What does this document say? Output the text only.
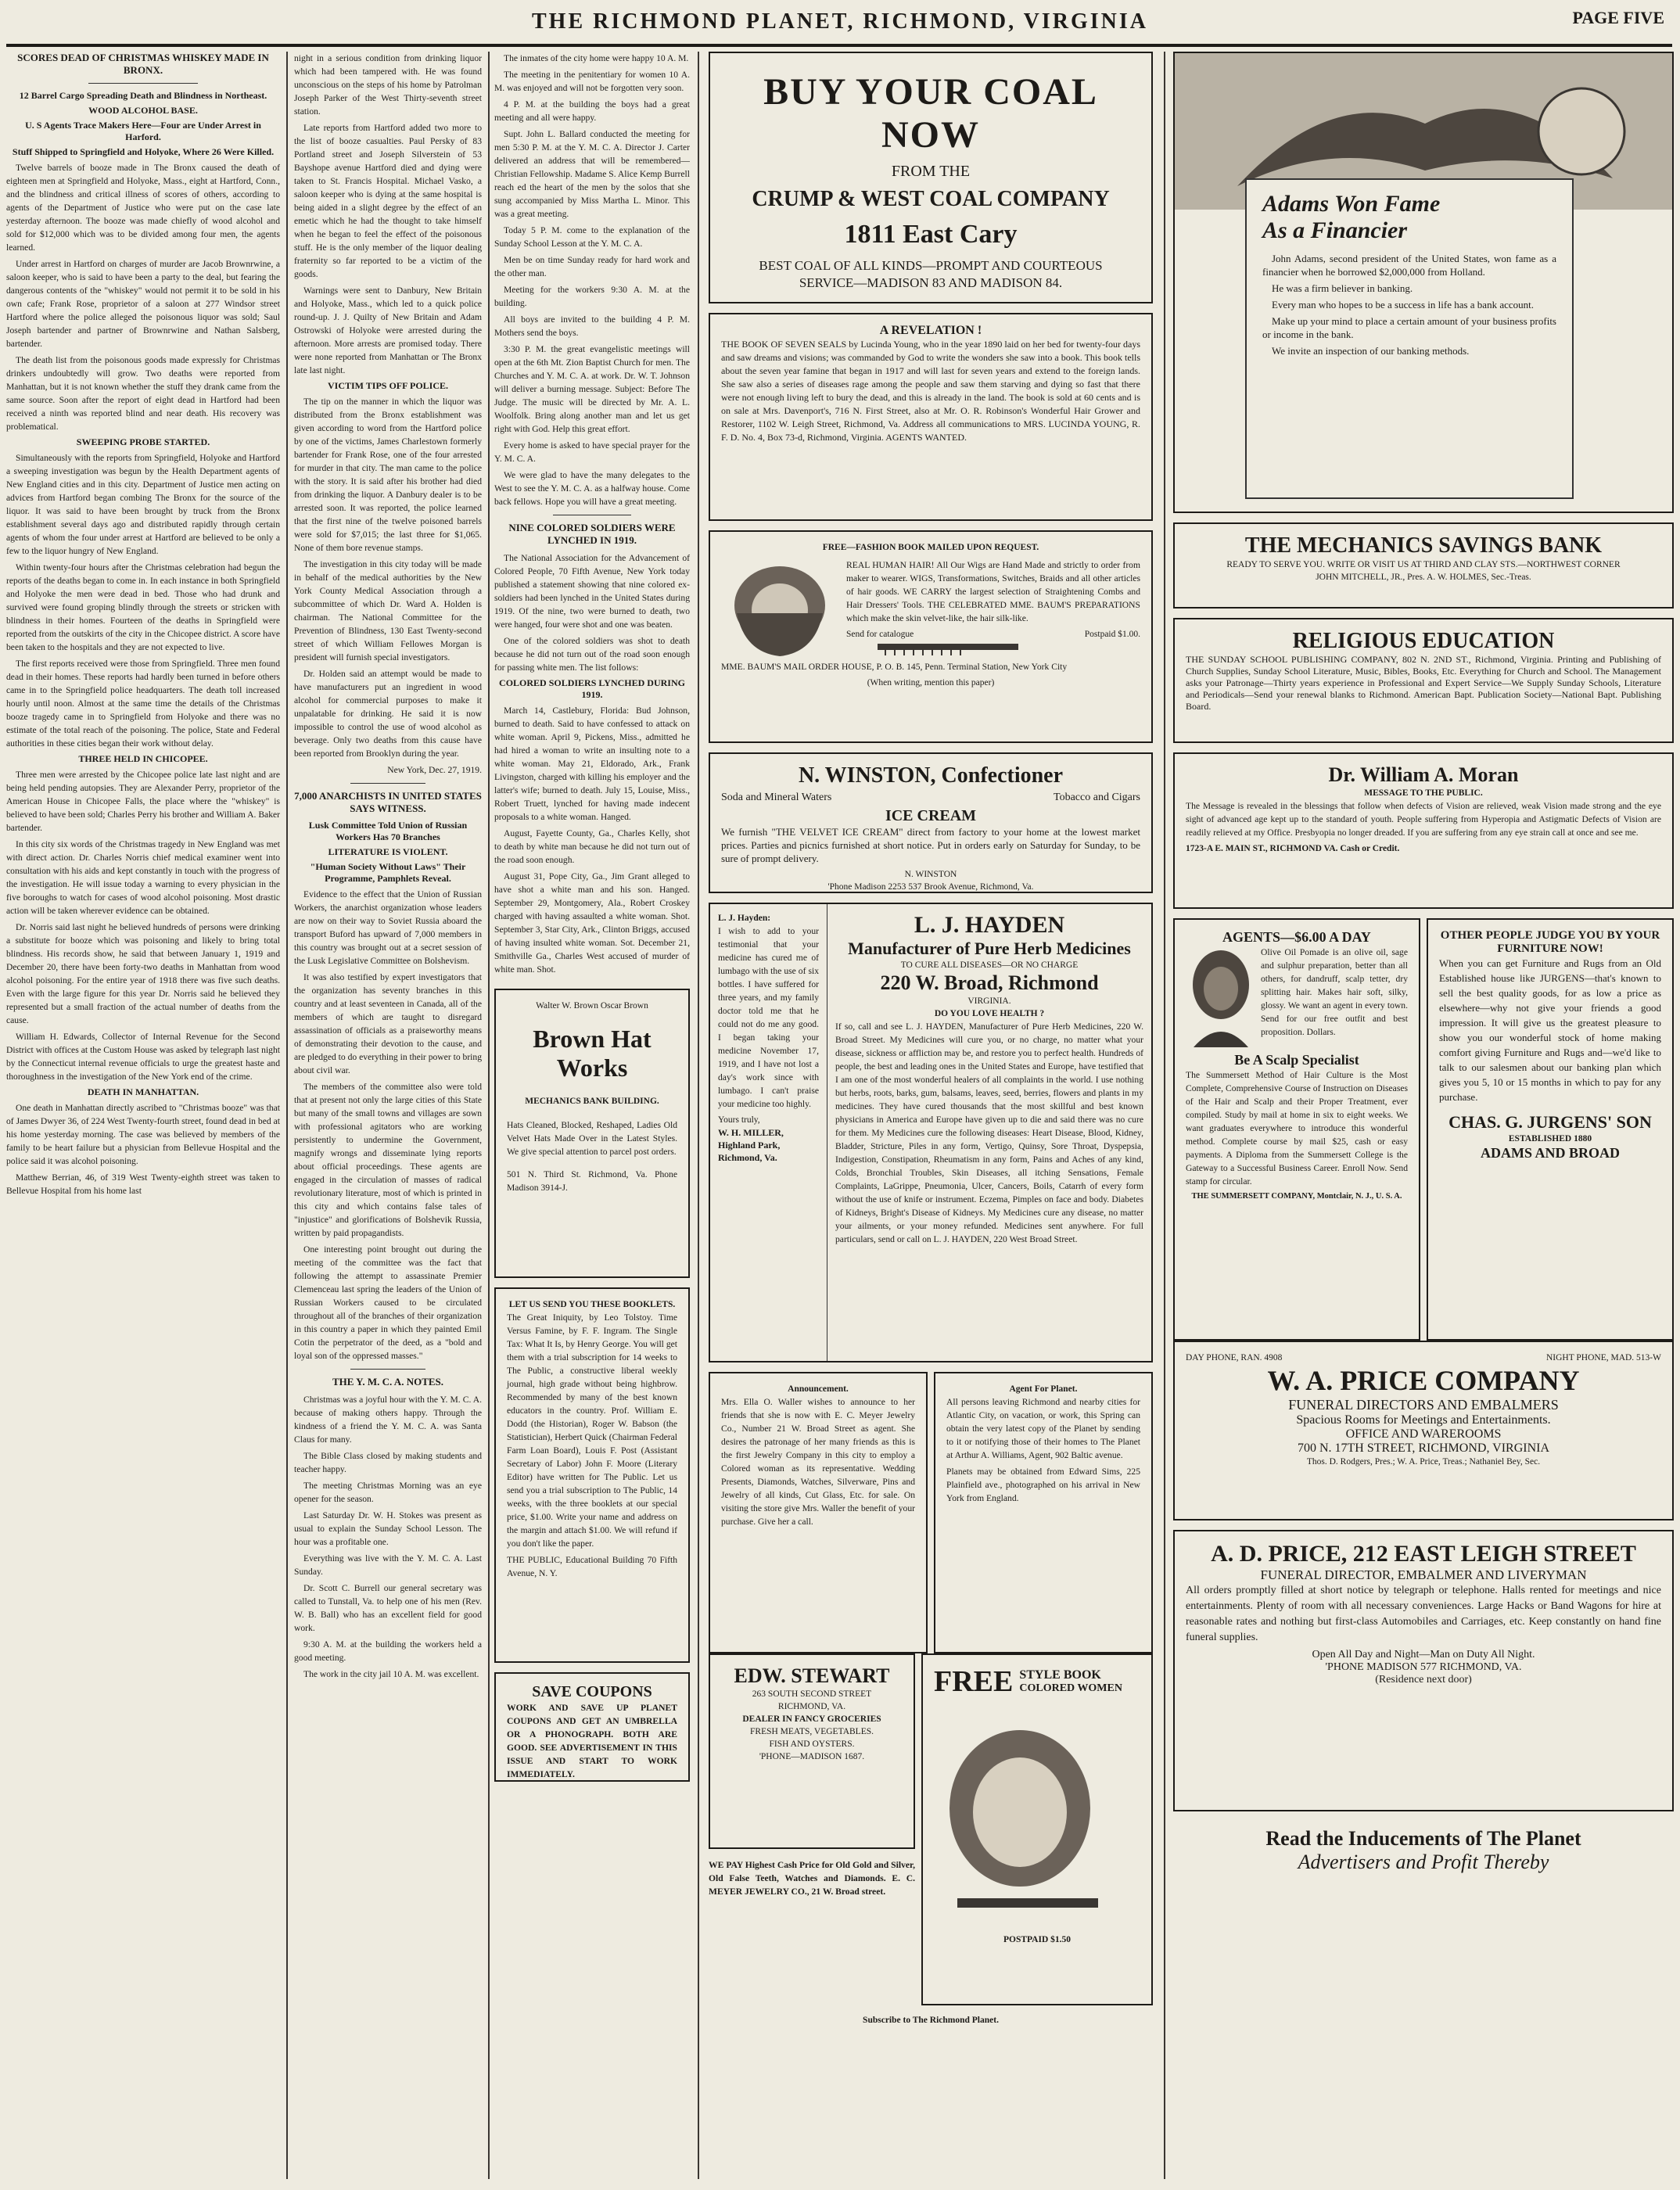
THE RICHMOND PLANET, RICHMOND, VIRGINIA	PAGE FIVE
SCORES DEAD OF CHRISTMAS WHISKEY MADE IN BRONX.
12 Barrel Cargo Spreading Death and Blindness in Northeast.
WOOD ALCOHOL BASE.
U. S Agents Trace Makers Here—Four are Under Arrest in Harford.
Stuff Shipped to Springfield and Holyoke, Where 26 Were Killed.

Twelve barrels of booze made in The Bronx caused the death of eighteen men at Springfield and Holyoke, Mass., eight at Hartford, Conn., and the blindness and critical illness of scores of others, according to agents of the Department of Justice who were put on the case late yesterday afternoon. The booze was made chiefly of wood alcohol and sold for $12,000 which was to be divided among four men, the agents learned.

Under arrest in Hartford on charges of murder are Jacob Brownrwine, a saloon keeper, who is said to have been a party to the deal, but fearing the dangerous contents of the "whiskey" would not permit it to be sold in his own cafe; Frank Rose, proprietor of a saloon at 277 Windsor street Hartford where the police alleged the poisonous liquor was sold; Saul Joseph bartender and partner of Brownrwine and Nathan Salsberg, bartender.

The death list from the poisonous goods made expressly for Christmas drinkers undoubtedly will grow. Two deaths were reported from Manhattan, but it is not known whether the stuff they drank came from the same source. Soon after the report of eight dead in Hartford had been received a ninth was reported blind and near death. His recovery was problematical.

SWEEPING PROBE STARTED.

Simultaneously with the reports from Springfield, Holyoke and Hartford a sweeping investigation was begun by the Health Department agents of New England cities and in this city. Department of Justice men acting on advices from Hartford began combing The Bronx for the source of the liquor. It was said to have been brought by truck from the Bronx establishment several days ago and distributed rapidly through certain agents of whom the four under arrest at Hartford are believed to be only a few to the liquor hungry of New England.

Within twenty-four hours after the Christmas celebration had begun the reports of the deaths began to come in. In each instance in both Springfield and Holyoke the men were dead in bed. Those who had drunk and survived were found groping blindly through the streets or stricken with blindness in their homes. Fourteen of the deaths in Springfield were reported from the outskirts of the city in the Chicopee district. A score have been taken to the hospitals and they are not expected to live.

The first reports received were those from Springfield. Three men found dead in their homes. These reports had hardly been turned in before others came in to the Springfield police headquarters. The death toll increased hourly until noon. Almost at the same time the details of the Christmas booze tragedy came in to Springfield from Holyoke and there was no estimate of the total reach of the poisoning. The police, State and Federal authorities in these cities began their work without delay.

THREE HELD IN CHICOPEE.

Three men were arrested by the Chicopee police late last night and are being held pending autopsies. They are Alexander Perry, proprietor of the American House in Chicopee Falls, the place where the "whiskey" is believed to have been sold; Charles Perry his brother and William A. Baker bartender.

In this city six words of the Christmas tragedy in New England was met with direct action. Dr. Charles Norris chief medical examiner went into consultation with his aids and kept constantly in touch with the progress of the investigation. He will issue today a warning to every physician in the five boroughs to watch for cases of wood alcohol poisoning. Most drastic action will be taken wherever evidence can be obtained.

Dr. Norris said last night he believed hundreds of persons were drinking a substitute for booze which was poisoning and likely to bring total blindness. His records show, he said that between January 1, 1919 and December 20, there have been forty-two deaths in Manhattan from wood alcohol poisoning. For the entire year of 1918 there was five such deaths. Even with the large figure for this year Dr. Norris said he believed they represented but a small fraction of the actual number of deaths from the cause.

William H. Edwards, Collector of Internal Revenue for the Second District with offices at the Custom House was asked by telegraph last night by the Connecticut internal revenue officials to urge the greatest haste and thoroughness in the investigation of the New York end of the crime.

DEATH IN MANHATTAN.

One death in Manhattan directly ascribed to "Christmas booze" was that of James Dwyer 36, of 224 West Twenty-fourth street, found dead in bed at his home yesterday morning. The case was believed by members of the family to be heart failure but a physician from Bellevue Hospital and the police said it was alcohol poisoning.

Matthew Berrian, 46, of 319 West Twenty-eighth street was taken to Bellevue Hospital from his home last

night in a serious condition from drinking liquor which had been tampered with. He was found unconscious on the steps of his home by Patrolman Joseph Parker of the West Thirty-seventh street station.

Late reports from Hartford added two more to the list of booze casualties. Paul Persky of 83 Portland street and Joseph Silverstein of 53 Bayshope avenue Hartford died and dying were taken to St. Francis Hospital. Michael Vasko, a saloon keeper who is dying at the same hospital is being aided in a slight degree by the effect of an emetic which he had the thought to take himself when he began to feel the effect of the poisonous stuff. He is the only member of the liquor dealing fraternity so far reported to be a victim of the goods.

Warnings were sent to Danbury, New Britain and Holyoke, Mass., which led to a quick police round-up. J. J. Quilty of New Britain and Adam Ostrowski of Holyoke were arrested during the afternoon. More arrests are promised today. There were none reported from Manhattan or The Bronx late last night.

VICTIM TIPS OFF POLICE.

The tip on the manner in which the liquor was distributed from the Bronx establishment was given according to word from the Hartford police by one of the victims, James Charlestown formerly bartender for Frank Rose, one of the four arrested for murder in that city. The man came to the police with the story. It is said after his brother had died from drinking the liquor. A Danbury dealer is to be arrested soon. It was reported, the police learned that the first nine of the twelve poisoned barrels were sold for $7,015; the last three for $1,065. None of them bore revenue stamps.

The investigation in this city today will be made in behalf of the medical authorities by the New York County Medical Association through a subcommittee of which Dr. Ward A. Holden is chairman. The National Committee for the Prevention of Blindness, 130 East Twenty-second street of which William Fellowes Morgan is president will furnish special investigators.

Dr. Holden said an attempt would be made to have manufacturers put an ingredient in wood alcohol for commercial purposes to make it unpalatable for drinking. He said it is now impossible to control the use of wood alcohol as beverage. Only two deaths from this cause have been reported from Brooklyn during the year.

New York, Dec. 27, 1919.

7,000 ANARCHISTS IN UNITED STATES SAYS WITNESS.
Lusk Committee Told Union of Russian Workers Has 70 Branches
LITERATURE IS VIOLENT.
"Human Society Without Laws" Their Programme, Pamphlets Reveal.

Evidence to the effect that the Union of Russian Workers, the anarchist organization whose leaders are now on their way to Soviet Russia aboard the transport Buford has upward of 7,000 members in this country was brought out at a secret session of the Lusk Legislative Committee on Bolshevism.

It was also testified by expert investigators that the organization has seventy branches in this country and at least seventeen in Canada, all of the members of which are taught to disregard assassination of officials as a praiseworthy means of demonstrating their devotion to the cause, and are pledged to do everything in their power to bring about civil war.

The members of the committee also were told that at present not only the large cities of this State but many of the small towns and villages are sown with professional agitators who are working persistently to undermine the Government, magnify wrongs and disseminate lying reports about official proceedings. These agents are engaged in the circulation of masses of radical revolutionary literature, most of which is printed in this city and which contains false tales of "injustice" and glorifications of Bolshevik Russia, written by paid propagandists.

One interesting point brought out during the meeting of the committee was the fact that following the attempt to assassinate Premier Clemenceau last spring the leaders of the Union of Russian Workers caused to be circulated throughout all of the branches of their organization in this country a paper in which they painted Emil Cotin the perpetrator of the deed, as a "bold and loyal son of the oppressed masses."

THE Y. M. C. A. NOTES.

Christmas was a joyful hour with the Y. M. C. A. because of making others happy. Through the kindness of a friend the Y. M. C. A. was Santa Claus for many.

The Bible Class closed by making students and teacher happy.

The meeting Christmas Morning was an eye opener for the season.

Last Saturday Dr. W. H. Stokes was present as usual to explain the Sunday School Lesson. The hour was a profitable one.

Everything was live with the Y. M. C. A. Last Sunday.

Dr. Scott C. Burrell our general secretary was called to Tunstall, Va. to help one of his men (Rev. W. B. Ball) who has an excellent field for good work.

9:30 A. M. at the building the workers held a good meeting.

The work in the city jail 10 A. M. was excellent.

The inmates of the city home were happy 10 A. M.

The meeting in the penitentiary for women 10 A. M. was enjoyed and will not be forgotten very soon.

4 P. M. at the building the boys had a great meeting and all were happy.

Supt. John L. Ballard conducted the meeting for men 5:30 P. M. at the Y. M. C. A. Director J. Carter delivered an address that will be remembered—Christian Fellowship. Madame S. Alice Kemp Burrell reach ed the heart of the men by the solos that she sung accompanied by Miss Martha L. Minor. This was a great meeting.

Today 5 P. M. come to the explanation of the Sunday School Lesson at the Y. M. C. A.

Men be on time Sunday ready for hard work and the other man.

Meeting for the workers 9:30 A. M. at the building.

All boys are invited to the building 4 P. M. Mothers send the boys.

3:30 P. M. the great evangelistic meetings will open at the 6th Mt. Zion Baptist Church for men. The Churches and Y. M. C. A. at work. Dr. W. T. Johnson will deliver a burning message. Subject: Before The Judge. The music will be directed by Mr. A. L. Woolfolk. Bring along another man and let us get right with God. Help this great effort.

Every home is asked to have special prayer for the Y. M. C. A.

We were glad to have the many delegates to the West to see the Y. M. C. A. as a halfway house. Come back fellows. Hope you will have a great meeting.

NINE COLORED SOLDIERS WERE LYNCHED IN 1919.

The National Association for the Advancement of Colored People, 70 Fifth Avenue, New York today published a statement showing that nine colored ex-soldiers had been lynched in the United States during 1919. Of the nine, two were burned to death, two were hanged, four were shot and one was beaten.

One of the colored soldiers was shot to death because he did not turn out of the road soon enough for passing white men. The list follows:

COLORED SOLDIERS LYNCHED DURING 1919.

March 14, Castlebury, Florida: Bud Johnson, burned to death. Said to have confessed to attack on white woman. April 9, Pickens, Miss., admitted he had hired a woman to write an insulting note to a white woman. May 21, Eldorado, Ark., Frank Livingston, charged with killing his employer and the latter's wife; burned to death. July 15, Louise, Miss., Robert Truett, lynched for having made indecent proposals to a white woman. Hanged.

August, Fayette County, Ga., Charles Kelly, shot to death by white man because he did not turn out of the road soon enough.

August 31, Pope City, Ga., Jim Grant alleged to have shot a white man and his son. Hanged. September 29, Montgomery, Ala., Robert Croskey charged with having assaulted a white woman. Shot. September 3, Star City, Ark., Clinton Briggs, accused of having insulted white woman. Sot. December 21, Smithville Ga., Charles West accused of murder of white man. Shot.

Walter W. Brown Oscar Brown
Brown Hat Works
MECHANICS BANK BUILDING.

Hats Cleaned, Blocked, Reshaped, Ladies Old Velvet Hats Made Over in the Latest Styles. We give special attention to parcel post orders.

501 N. Third St. Richmond, Va. Phone Madison 3914-J.

LET US SEND YOU THESE BOOKLETS.

The Great Iniquity, by Leo Tolstoy. Time Versus Famine, by F. F. Ingram. The Single Tax: What It Is, by Henry George. You will get them with a trial subscription for 14 weeks to The Public, a constructive liberal weekly journal, high grade without being highbrow. Recommended by many of the best known educators in the country. Prof. William E. Dodd (the Historian), Roger W. Babson (the Statistician), Herbert Quick (Chairman Federal Farm Loan Board), Louis F. Post (Assistant Secretary of Labor) John F. Moore (Literary Editor) have written for The Public. Let us send you a trial subscription to The Public, 14 weeks, with the three booklets at our special price, $1.00. Write your name and address on the margin and attach $1.00. We will refund if you don't like the paper.

THE PUBLIC, Educational Building 70 Fifth Avenue, N. Y.

SAVE COUPONS

WORK AND SAVE UP PLANET COUPONS AND GET AN UMBRELLA OR A PHONOGRAPH. BOTH ARE GOOD. SEE ADVERTISEMENT IN THIS ISSUE AND START TO WORK IMMEDIATELY.

BUY YOUR COAL NOW
FROM THE
CRUMP & WEST COAL COMPANY
1811 East Cary
BEST COAL OF ALL KINDS—PROMPT AND COURTEOUS SERVICE—MADISON 83 AND MADISON 84.
A REVELATION !

THE BOOK OF SEVEN SEALS by Lucinda Young, who in the year 1890 laid on her bed for twenty-four days and saw dreams and visions; was commanded by God to write the wonders she saw into a book. This book tells about the seven year famine that began in 1917 and will last for seven years and extend to the foreign lands. She saw also a series of diseases rage among the people and saw them starving and dying so fast that there were not enough living left to bury the dead, and this is already in the land. The book is sold at 60 cents and is on sale at Mrs. Davenport's, 716 N. First Street, also at Mr. O. R. Robinson's Wonderful Hair Grower and Restorer, 1102 W. Leigh Street, Richmond, Va. Address all communications to MRS. LUCINDA YOUNG, R. F. D. No. 4, Box 73-d, Richmond, Virginia. AGENTS WANTED.

FREE—FASHION BOOK MAILED UPON REQUEST.

REAL HUMAN HAIR! All Our Wigs are Hand Made and strictly to order from maker to wearer. WIGS, Transformations, Switches, Braids and all other articles of hair goods. WE CARRY the largest selection of Straightening Combs and Hair Dressers' Tools. THE CELEBRATED MME. BAUM'S PREPARATIONS which make the skin velvet-like, the hair silk-like.

Send for catalogue	Postpaid $1.00.

MME. BAUM'S MAIL ORDER HOUSE, P. O. B. 145, Penn. Terminal Station, New York City

(When writing, mention this paper)
N. WINSTON, Confectioner
Soda and Mineral Waters	Tobacco and Cigars
ICE CREAM

We furnish "THE VELVET ICE CREAM" direct from factory to your home at the lowest market prices. Parties and picnics furnished at short notice. Put in orders early on Saturday for Sunday, to be sure of prompt delivery.

N. WINSTON
'Phone Madison 2253 537 Brook Avenue, Richmond, Va.
L. J. Hayden:

I wish to add to your testimonial that your medicine has cured me of lumbago with the use of six bottles. I have suffered for three years, and my family doctor told me that he could not do me any good. I began taking your medicine November 17, 1919, and I have not lost a day's work since with lumbago. I can't praise your medicine too highly.

Yours truly,
W. H. MILLER, Highland Park, Richmond, Va.
L. J. HAYDEN
Manufacturer of Pure Herb Medicines
TO CURE ALL DISEASES—OR NO CHARGE
220 W. Broad, Richmond
VIRGINIA.
DO YOU LOVE HEALTH ?

If so, call and see L. J. HAYDEN, Manufacturer of Pure Herb Medicines, 220 W. Broad Street. My Medicines will cure you, or no charge, no matter what your disease, sickness or affliction may be, and restore you to perfect health. Hundreds of people, the best and leading ones in the United States and Europe, have testified that I am one of the most wonderful healers of all complaints in the world. I use nothing but herbs, roots, barks, gum, balsams, leaves, seed, berries, flowers and plants in my medicines. They have cured thousands that the most skillful and best known physicians in America and Europe have given up to die and said there was no cure for them. My Medicines cure the following diseases: Heart Disease, Blood, Kidney, Bladder, Stricture, Piles in any form, Vertigo, Quinsy, Sore Throat, Dyspepsia, Indigestion, Constipation, Rheumatism in any form, Pains and Aches of any kind, Colds, Bronchial Troubles, Skin Diseases, all itching Sensations, Female Complaints, LaGrippe, Pneumonia, Ulcer, Cancers, Boils, Catarrh of every form without the use of knife or instrument. Eczema, Pimples on face and body. Diabetes of Kidneys, Bright's Disease of Kidneys. My Medicines cure any disease, no matter your ailments, or your money refunded. Medicines sent anywhere. For full particulars, send or call on L. J. HAYDEN, 220 West Broad Street.

Announcement.

Mrs. Ella O. Waller wishes to announce to her friends that she is now with E. C. Meyer Jewelry Co., Number 21 W. Broad Street as agent. She desires the patronage of her many friends as this is the first Jewelry Company in this city to employ a Colored woman as its representative. Wedding Presents, Diamonds, Watches, Silverware, Pins and Jewelry of all kinds, Cut Glass, Etc. for sale. On visiting the store give Mrs. Waller the benefit of your purchase. Give her a call.

Agent For Planet.

All persons leaving Richmond and nearby cities for Atlantic City, on vacation, or work, this Spring can obtain the very latest copy of the Planet by sending to it or notifying those of their homes to The Planet at Arthur A. Williams, Agent, 902 Baltic avenue.

Planets may be obtained from Edward Sims, 225 Plainfield ave., photographed on his arrival in New York from England.

EDW. STEWART
263 SOUTH SECOND STREET
RICHMOND, VA.
DEALER IN FANCY GROCERIES
FRESH MEATS, VEGETABLES.
FISH AND OYSTERS.
'PHONE—MADISON 1687.

WE PAY Highest Cash Price for Old Gold and Silver, Old False Teeth, Watches and Diamonds. E. C. MEYER JEWELRY CO., 21 W. Broad street.

FREE STYLE BOOK
COLORED WOMEN
POSTPAID $1.50
Subscribe to The Richmond Planet.
Adams Won Fame
As a Financier

John Adams, second president of the United States, won fame as a financier when he borrowed $2,000,000 from Holland.

He was a firm believer in banking.

Every man who hopes to be a success in life has a bank account.

Make up your mind to place a certain amount of your business profits or income in the bank.

We invite an inspection of our banking methods.

THE MECHANICS SAVINGS BANK
READY TO SERVE YOU. WRITE OR VISIT US AT THIRD AND CLAY STS.—NORTHWEST CORNER
JOHN MITCHELL, JR., Pres. A. W. HOLMES, Sec.-Treas.
RELIGIOUS EDUCATION

THE SUNDAY SCHOOL PUBLISHING COMPANY, 802 N. 2ND ST., Richmond, Virginia. Printing and Publishing of Church Supplies, Sunday School Literature, Music, Bibles, Books, Etc. Everything for Church and School. The Management asks your Patronage—Thirty years experience in Professional and Expert Service—We Supply Sunday Schools, Literature and Periodicals—Send your renewal blanks to Richmond. American Bapt. Publication Society—National Bapt. Publishing Board.

Dr. William A. Moran
MESSAGE TO THE PUBLIC.

The Message is revealed in the blessings that follow when defects of Vision are relieved, weak Vision made strong and the eye sight of advanced age kept up to the standard of youth. People suffering from Hyperopia and Astigmatic Defects of Vision are readily relieved at my Office. Presbyopia no longer dreaded. If you are suffering from any eye strain call at once and see me.

1723-A E. MAIN ST., RICHMOND VA. Cash or Credit.
AGENTS—$6.00 A DAY

Olive Oil Pomade is an olive oil, sage and sulphur preparation, better than all others, for dandruff, scalp tetter, dry splitting hair. Makes hair soft, silky, glossy. We want an agent in every town. Send for our free outfit and best proposition. Dollars.

Be A Scalp Specialist

The Summersett Method of Hair Culture is the Most Complete, Comprehensive Course of Instruction on Diseases of the Hair and Scalp and their Proper Treatment, ever compiled. Study by mail at home in six to eight weeks. We want graduates everywhere to introduce this wonderful method. Complete course by mail $25, cash or easy payments. A Diploma from the Summersett College is the Gateway to a Successful Business Career. Enroll Now. Send stamp for circular.

THE SUMMERSETT COMPANY, Montclair, N. J., U. S. A.
OTHER PEOPLE JUDGE YOU BY YOUR FURNITURE NOW!

When you can get Furniture and Rugs from an Old Established house like JURGENS—that's known to sell the best quality goods, for as low a price as elsewhere—why not give your friends a good impression. It will give us the greatest pleasure to show you our wonderful stock of home making comfort giving Furniture and Rugs and—we'd like to talk to our salesmen about our banking plan which gives you 5, 10 or 15 months in which to pay for any purchase.

CHAS. G. JURGENS' SON
ESTABLISHED 1880
ADAMS AND BROAD
DAY PHONE, RAN. 4908	NIGHT PHONE, MAD. 513-W
W. A. PRICE COMPANY
FUNERAL DIRECTORS AND EMBALMERS
Spacious Rooms for Meetings and Entertainments.
OFFICE AND WAREROOMS
700 N. 17TH STREET, RICHMOND, VIRGINIA
Thos. D. Rodgers, Pres.; W. A. Price, Treas.; Nathaniel Bey, Sec.
A. D. PRICE, 212 EAST LEIGH STREET
FUNERAL DIRECTOR, EMBALMER AND LIVERYMAN

All orders promptly filled at short notice by telegraph or telephone. Halls rented for meetings and nice entertainments. Plenty of room with all necessary conveniences. Large Hacks or Band Wagons for hire at reasonable rates and nothing but first-class Automobiles and Carriages, etc. Keep constantly on hand fine funeral supplies.

Open All Day and Night—Man on Duty All Night.
'PHONE MADISON 577 RICHMOND, VA.
(Residence next door)
Read the Inducements of The Planet
Advertisers and Profit Thereby
